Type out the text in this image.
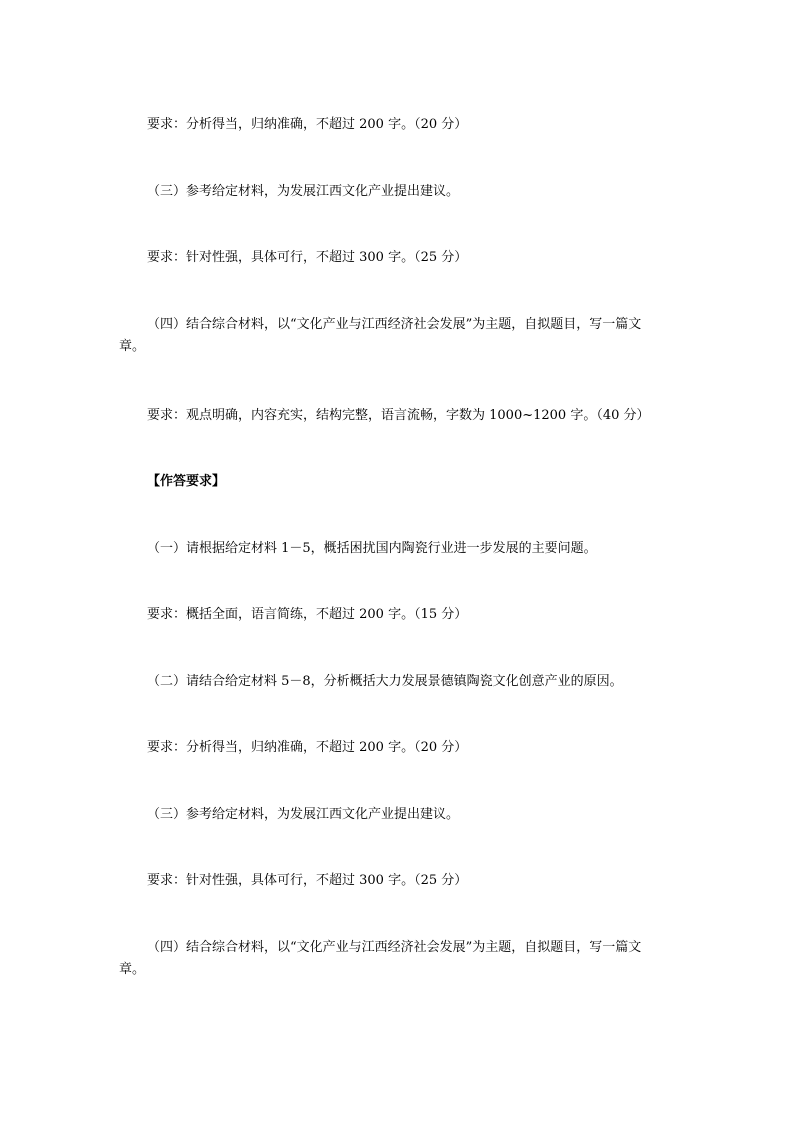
要求：分析得当，归纳准确，不超过 200 字。（20 分）

（三）参考给定材料，为发展江西文化产业提出建议。

要求：针对性强，具体可行，不超过 300 字。（25 分）

（四）结合综合材料，以“文化产业与江西经济社会发展”为主题，自拟题目，写一篇文章。

要求：观点明确，内容充实，结构完整，语言流畅，字数为 1000~1200 字。（40 分）

【作答要求】

（一）请根据给定材料 1－5，概括困扰国内陶瓷行业进一步发展的主要问题。

要求：概括全面，语言简练，不超过 200 字。（15 分）

（二）请结合给定材料 5－8，分析概括大力发展景德镇陶瓷文化创意产业的原因。

要求：分析得当，归纳准确，不超过 200 字。（20 分）

（三）参考给定材料，为发展江西文化产业提出建议。

要求：针对性强，具体可行，不超过 300 字。（25 分）

（四）结合综合材料，以“文化产业与江西经济社会发展”为主题，自拟题目，写一篇文章。
